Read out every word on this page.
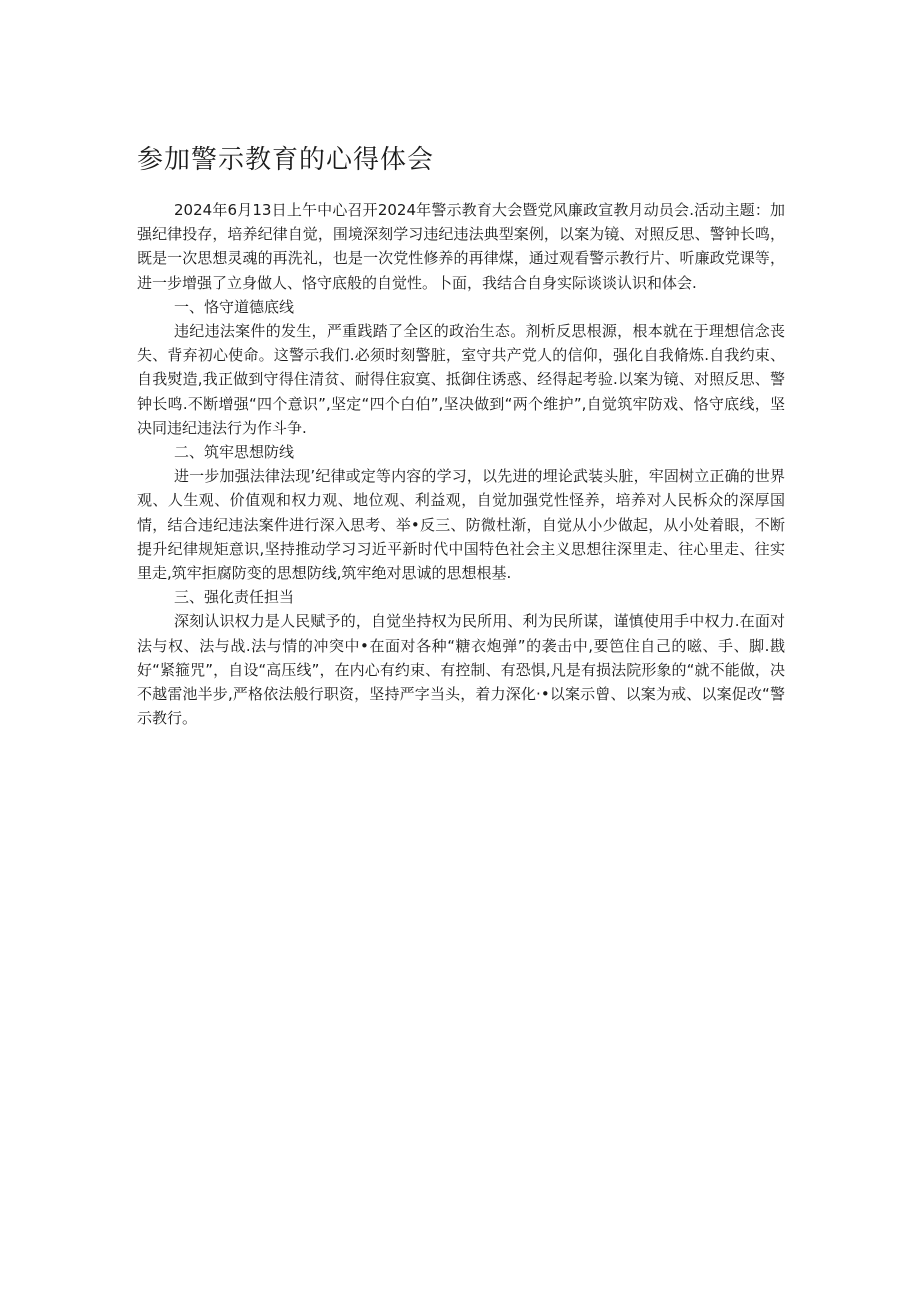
参加警示教育的心得体会

2024年6月13日上午中心召开2024年警示教育大会暨党风廉政宣教月动员会.活动主题：加强纪律投存，培养纪律自觉，围境深刻学习违纪违法典型案例，以案为镜、对照反思、警钟长鸣，既是一次思想灵魂的再洗礼，也是一次党性修养的再律煤，通过观看警示教行片、听廉政党课等，进一步增强了立身做人、恪守底般的自觉性。卜面，我结合自身实际谈谈认识和体会.

一、恪守道德底线

违纪违法案件的发生，严重践踏了全区的政治生态。剂析反思根源，根本就在于理想信念丧失、背弃初心使命。这警示我们.必须时刻警脏，室守共产党人的信仰，强化自我脩炼.自我约束、自我熨造,我正做到守得住清贫、耐得住寂寞、抵御住诱惑、经得起考验.以案为镜、对照反思、警钟长鸣.不断增强“四个意识”,坚定“四个白伯”,坚决做到“两个维护”,自觉筑牢防戏、恪守底线，坚决同违纪违法行为作斗争.

二、筑牢思想防线

进一步加强法律法现’纪律或定等内容的学习，以先进的埋论武装头脏，牢固树立正确的世界观、人生观、价值观和权力观、地位观、利益观，自觉加强党性怪养，培养对人民柝众的深厚国情，结合违纪违法案件进行深入思考、举•反三、防微杜渐，自觉从小少做起，从小处着眼，不断提升纪律规矩意识,坚持推动学习习近平新时代中国特色社会主义思想往深里走、往心里走、往实里走,筑牢拒腐防变的思想防线,筑牢绝对思诚的思想根基.

三、强化责任担当

深刻认识权力是人民赋予的，自觉坐持权为民所用、利为民所谋，谨慎使用手中权力.在面对法与权、法与战.法与情的冲突中•在面对各种“糖衣炮弹”的袭击中,要笆住自己的嗞、手、脚.戡好“紧箍咒”，自设“高压线”，在内心有约束、有控制、有恐惧,凡是有损法院形象的“就不能做，决不越雷池半步,严格依法般行职资，坚持严字当头，着力深化·•以案示曾、以案为戒、以案促改“警示教行。
